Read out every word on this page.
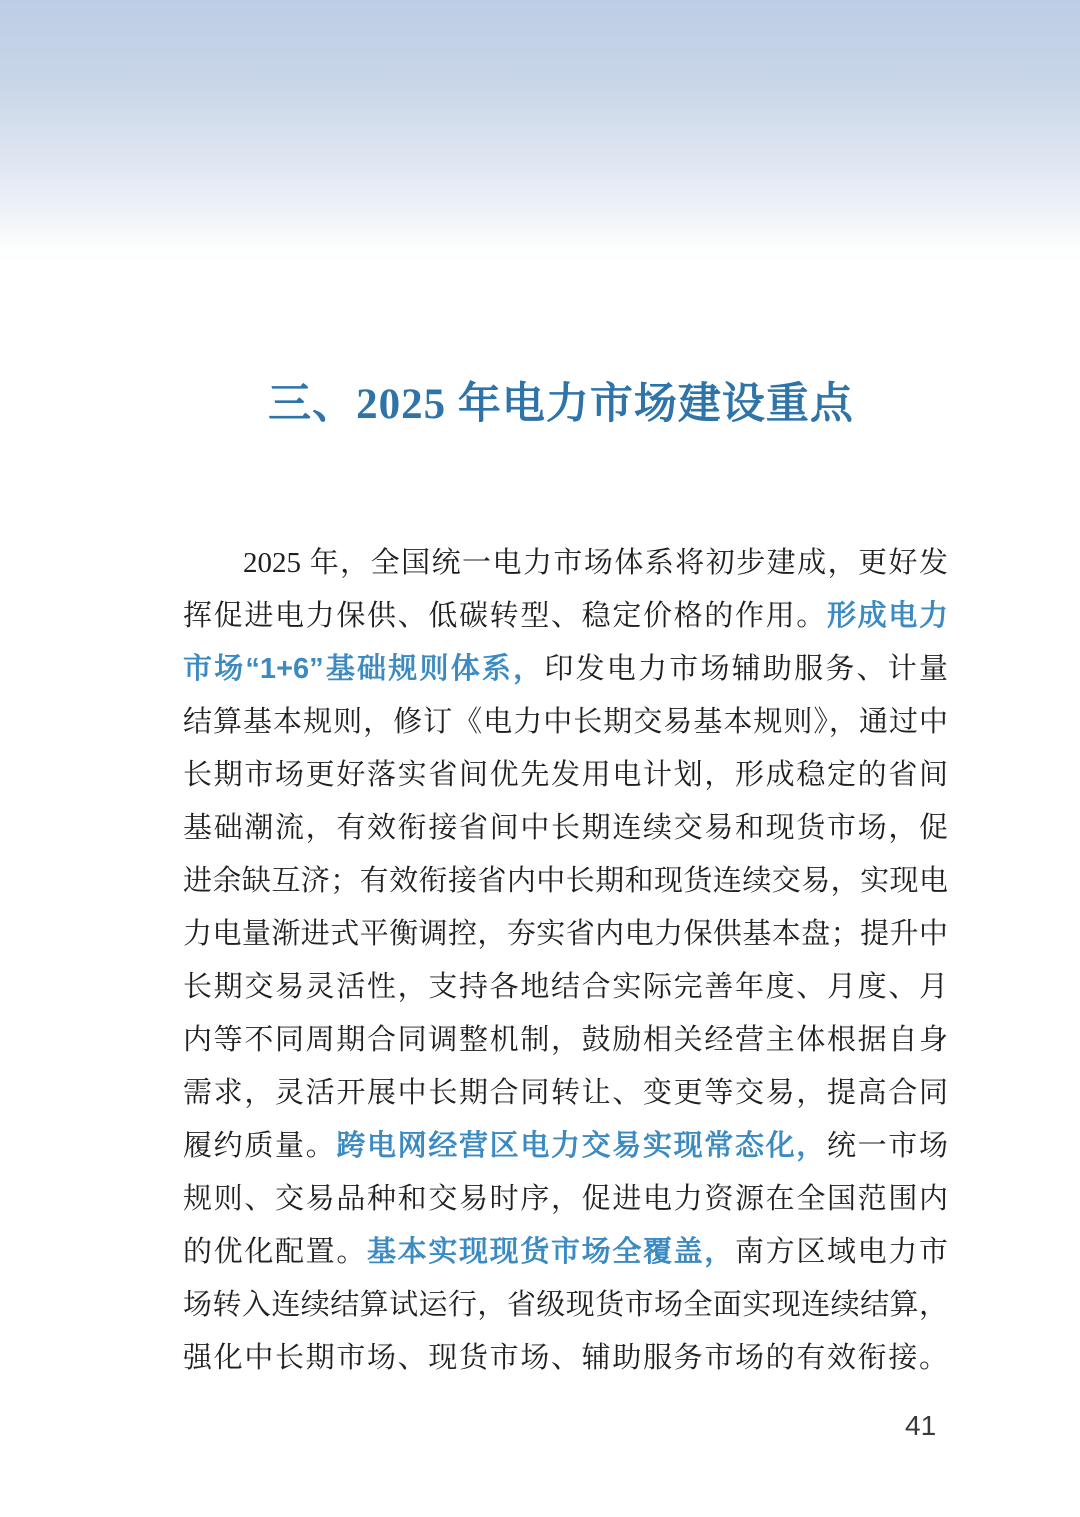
三、2025 年电力市场建设重点
2025 年，全国统一电力市场体系将初步建成，更好发
挥促进电力保供、低碳转型、稳定价格的作用。形成电力
市场“1+6”基础规则体系，印发电力市场辅助服务、计量
结算基本规则，修订《电力中长期交易基本规则》，通过中
长期市场更好落实省间优先发用电计划，形成稳定的省间
基础潮流，有效衔接省间中长期连续交易和现货市场，促
进余缺互济；有效衔接省内中长期和现货连续交易，实现电
力电量渐进式平衡调控，夯实省内电力保供基本盘；提升中
长期交易灵活性，支持各地结合实际完善年度、月度、月
内等不同周期合同调整机制，鼓励相关经营主体根据自身
需求，灵活开展中长期合同转让、变更等交易，提高合同
履约质量。跨电网经营区电力交易实现常态化，统一市场
规则、交易品种和交易时序，促进电力资源在全国范围内
的优化配置。基本实现现货市场全覆盖，南方区域电力市
场转入连续结算试运行，省级现货市场全面实现连续结算，
强化中长期市场、现货市场、辅助服务市场的有效衔接。
41
